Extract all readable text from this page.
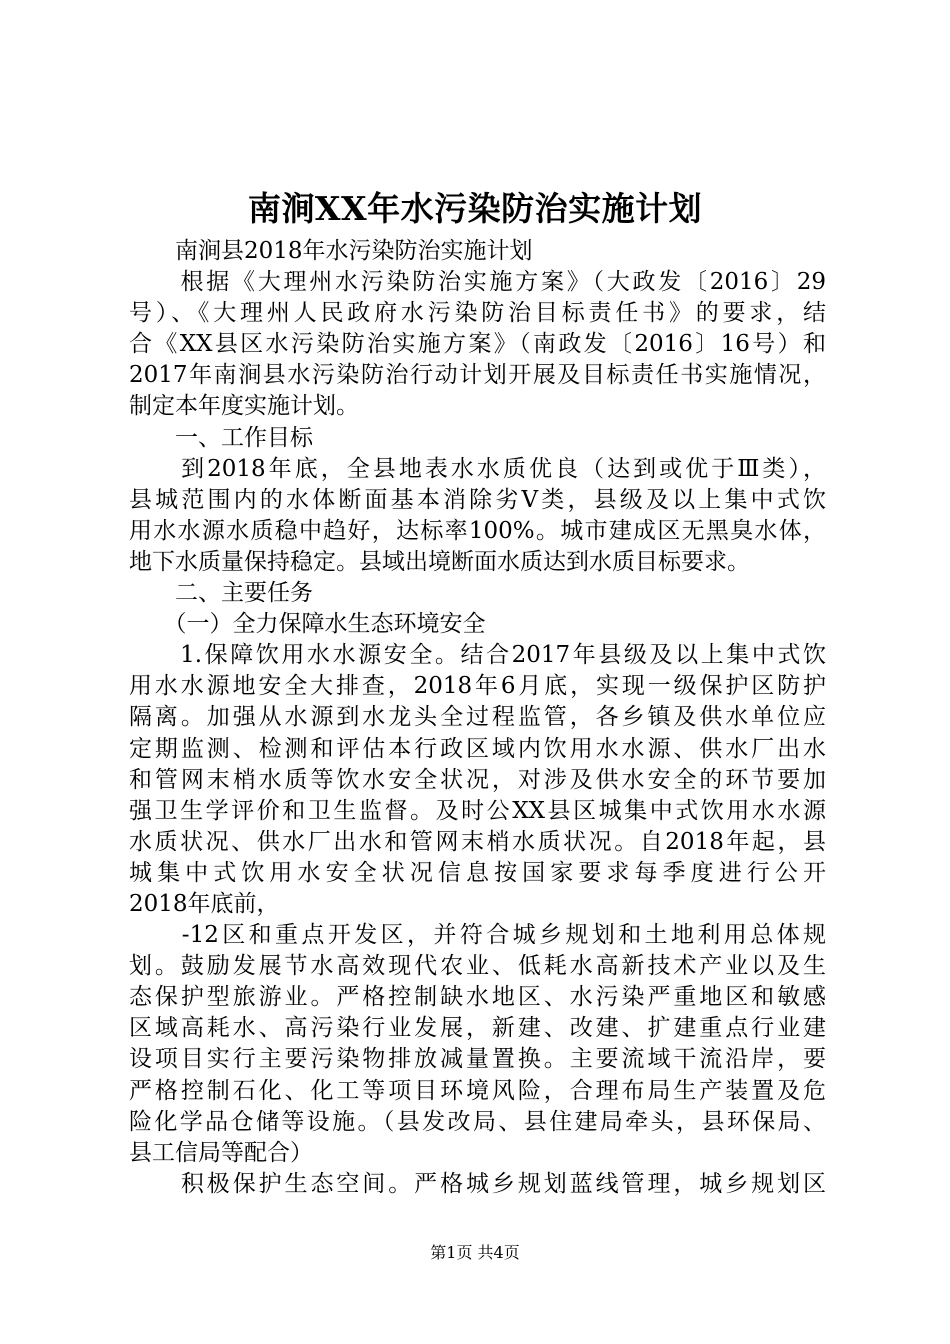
南涧XX年水污染防治实施计划
　　南涧县2018年水污染防治实施计划
　　根据《大理州水污染防治实施方案》（大政发〔2016〕29
号）、《大理州人民政府水污染防治目标责任书》的要求，结
合《XX县区水污染防治实施方案》（南政发〔2016〕16号）和
2017年南涧县水污染防治行动计划开展及目标责任书实施情况，
制定本年度实施计划。
　　一、工作目标
　　到2018年底，全县地表水水质优良（达到或优于Ⅲ类），
县城范围内的水体断面基本消除劣Ⅴ类，县级及以上集中式饮
用水水源水质稳中趋好，达标率100%。城市建成区无黑臭水体，
地下水质量保持稳定。县域出境断面水质达到水质目标要求。
　　二、主要任务
　　（一）全力保障水生态环境安全
　　1.保障饮用水水源安全。结合2017年县级及以上集中式饮
用水水源地安全大排查，2018年6月底，实现一级保护区防护
隔离。加强从水源到水龙头全过程监管，各乡镇及供水单位应
定期监测、检测和评估本行政区域内饮用水水源、供水厂出水
和管网末梢水质等饮水安全状况，对涉及供水安全的环节要加
强卫生学评价和卫生监督。及时公XX县区城集中式饮用水水源
水质状况、供水厂出水和管网末梢水质状况。自2018年起，县
城集中式饮用水安全状况信息按国家要求每季度进行公开
2018年底前，
　　-12区和重点开发区，并符合城乡规划和土地利用总体规
划。鼓励发展节水高效现代农业、低耗水高新技术产业以及生
态保护型旅游业。严格控制缺水地区、水污染严重地区和敏感
区域高耗水、高污染行业发展，新建、改建、扩建重点行业建
设项目实行主要污染物排放减量置换。主要流域干流沿岸，要
严格控制石化、化工等项目环境风险，合理布局生产装置及危
险化学品仓储等设施。（县发改局、县住建局牵头，县环保局、
县工信局等配合）
　　积极保护生态空间。严格城乡规划蓝线管理，城乡规划区
第1页 共4页
